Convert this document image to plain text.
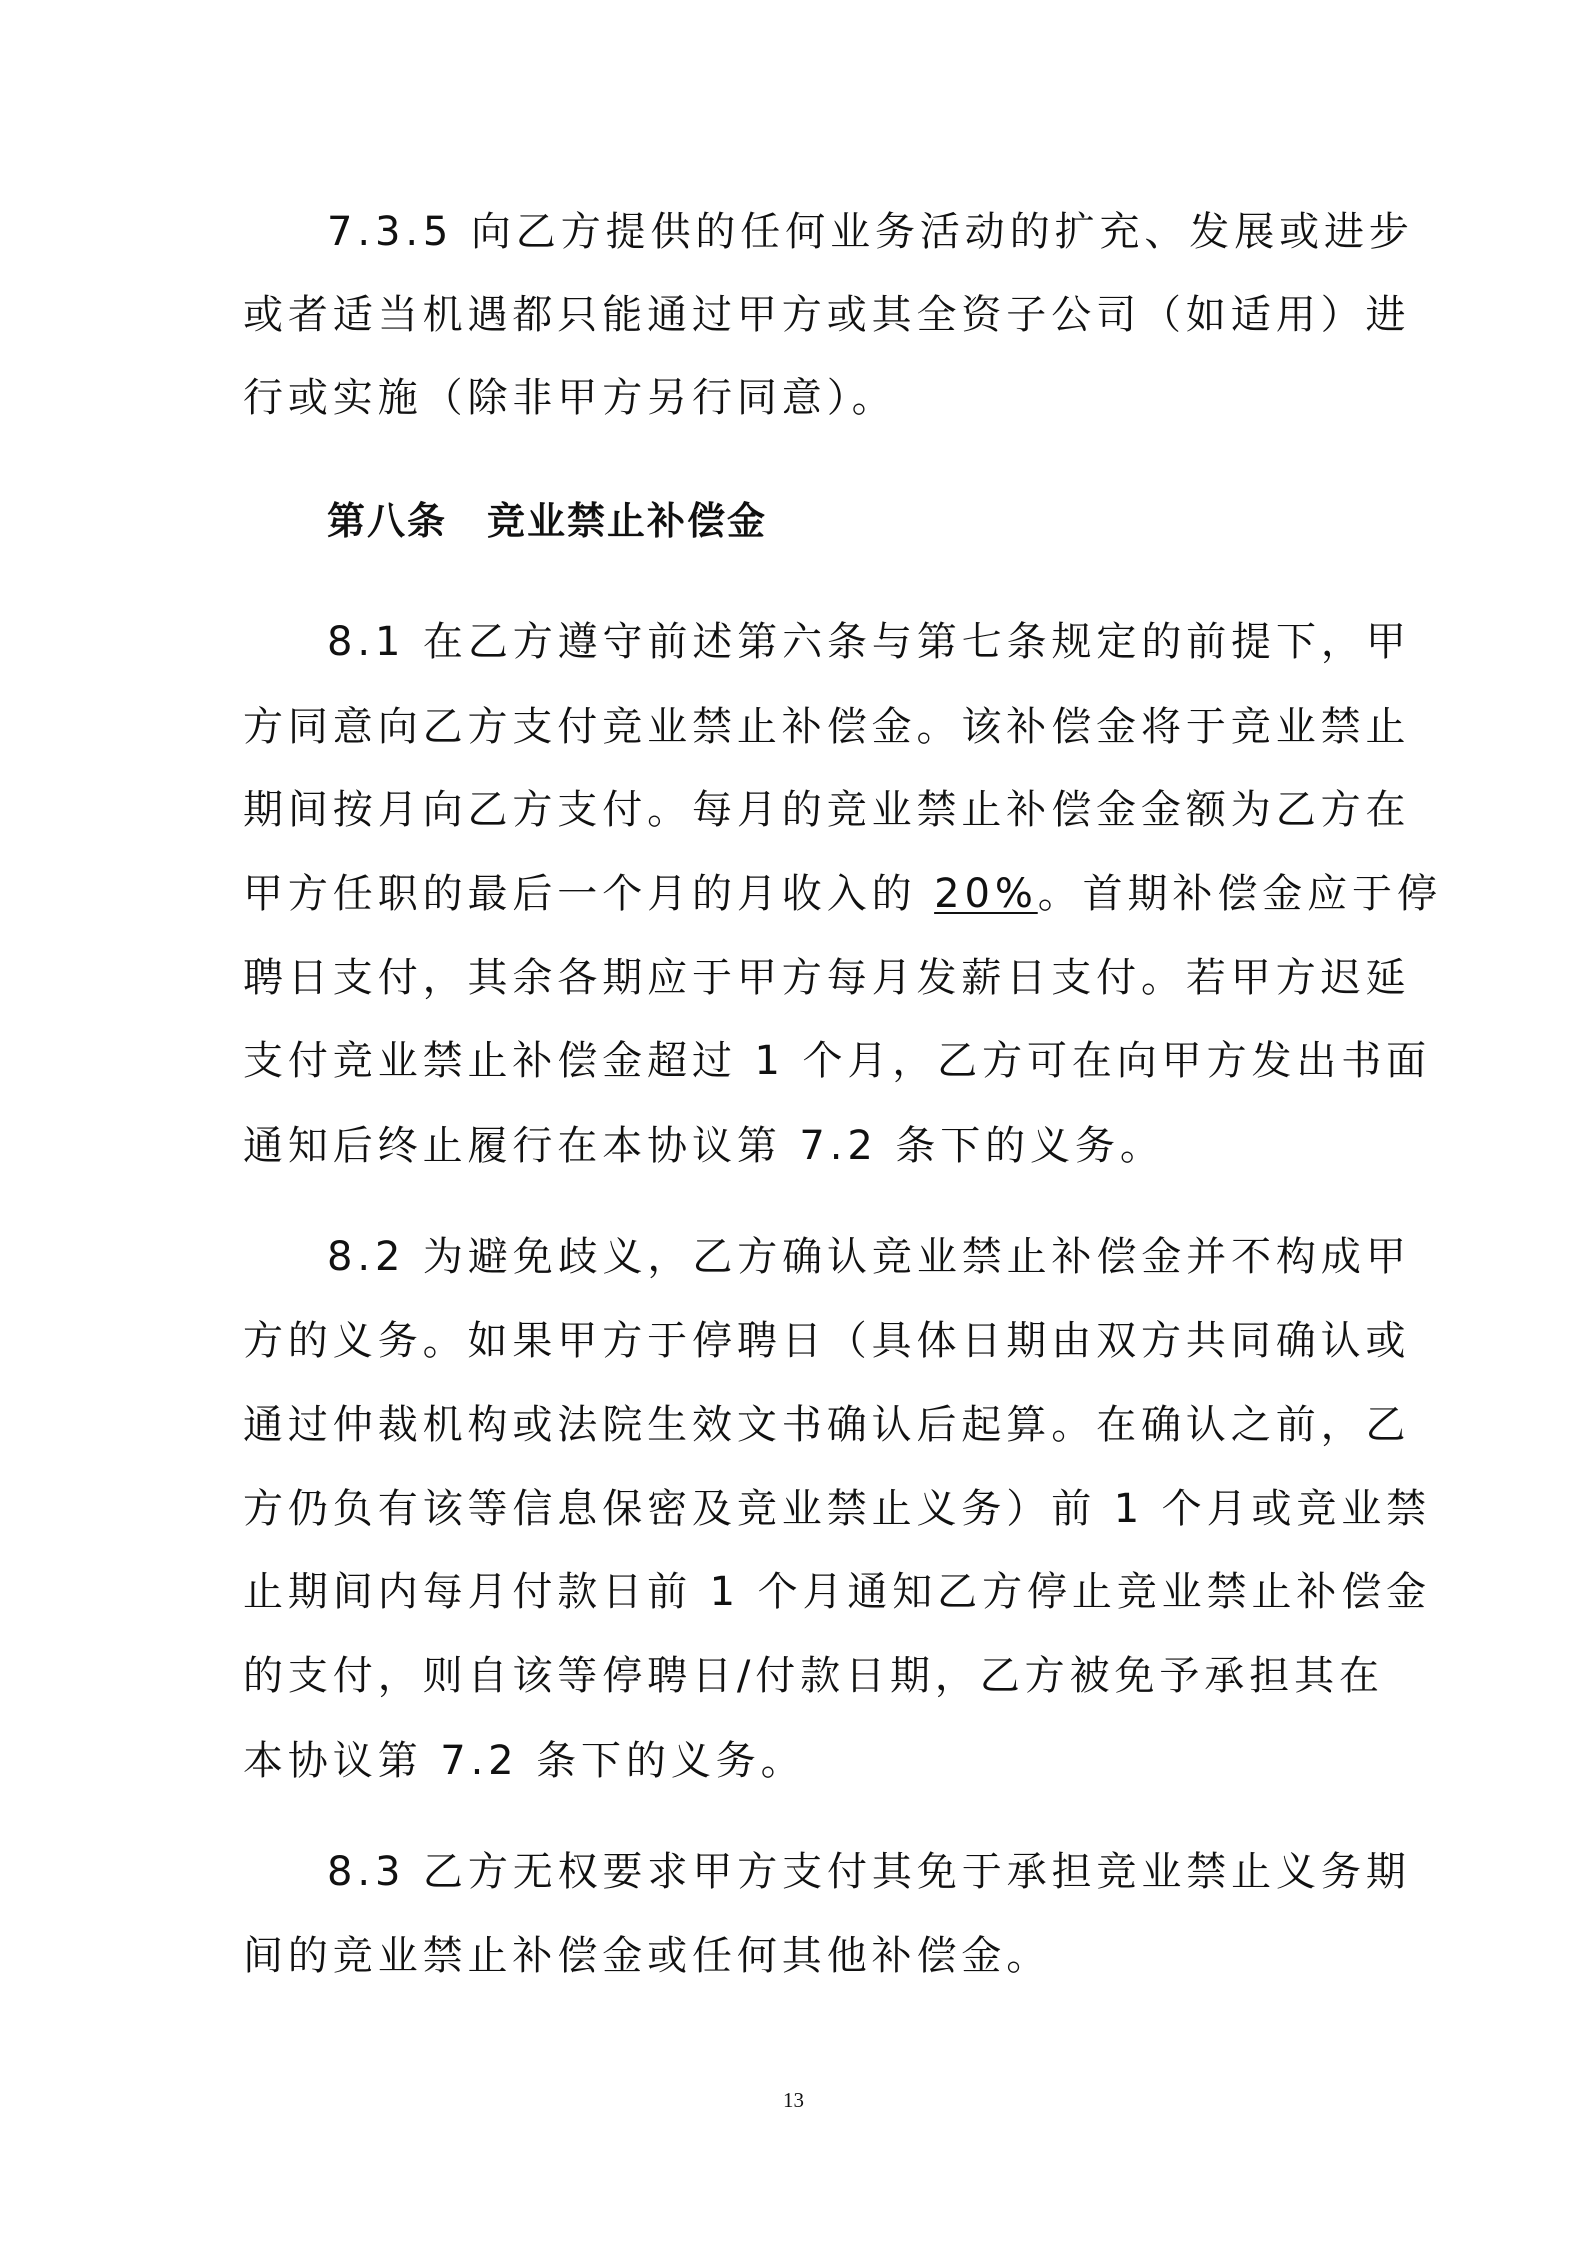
7.3.5 向乙方提供的任何业务活动的扩充、发展或进步
或者适当机遇都只能通过甲方或其全资子公司（如适用）进
行或实施（除非甲方另行同意）。
第八条 竞业禁止补偿金
8.1 在乙方遵守前述第六条与第七条规定的前提下，甲
方同意向乙方支付竞业禁止补偿金。该补偿金将于竞业禁止
期间按月向乙方支付。每月的竞业禁止补偿金金额为乙方在
甲方任职的最后一个月的月收入的 20%。首期补偿金应于停
聘日支付，其余各期应于甲方每月发薪日支付。若甲方迟延
支付竞业禁止补偿金超过 1 个月，乙方可在向甲方发出书面
通知后终止履行在本协议第 7.2 条下的义务。
8.2 为避免歧义，乙方确认竞业禁止补偿金并不构成甲
方的义务。如果甲方于停聘日（具体日期由双方共同确认或
通过仲裁机构或法院生效文书确认后起算。在确认之前，乙
方仍负有该等信息保密及竞业禁止义务）前 1 个月或竞业禁
止期间内每月付款日前 1 个月通知乙方停止竞业禁止补偿金
的支付，则自该等停聘日/付款日期，乙方被免予承担其在
本协议第 7.2 条下的义务。
8.3 乙方无权要求甲方支付其免于承担竞业禁止义务期
间的竞业禁止补偿金或任何其他补偿金。
13
